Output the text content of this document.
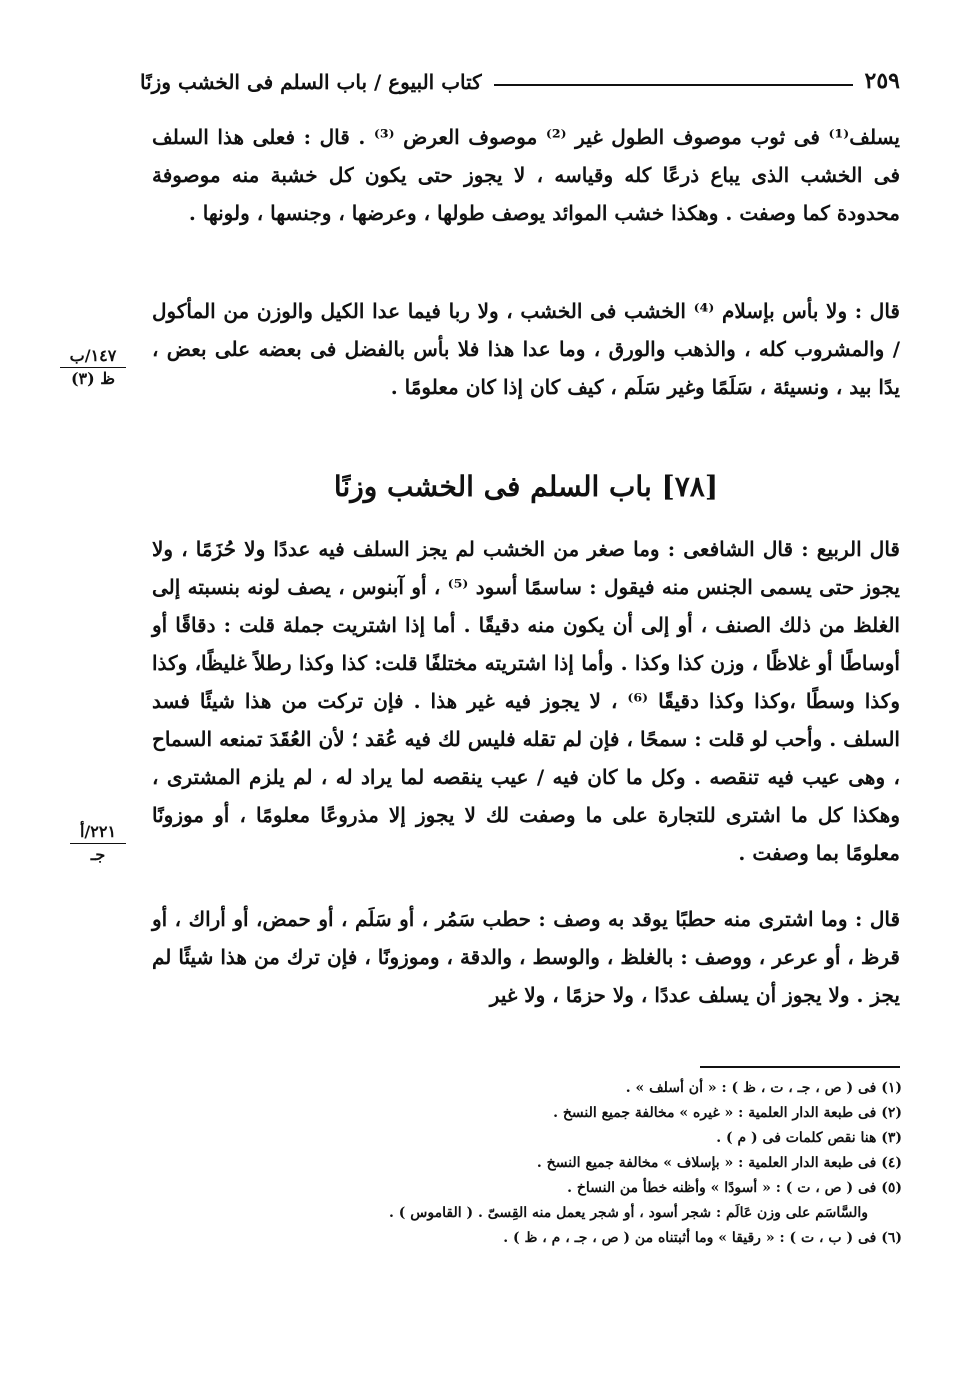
كتاب البيوع / باب السلم فى الخشب وزنًا	٢٥٩
يسلف⁽¹⁾ فى ثوب موصوف الطول غير ⁽²⁾ موصوف العرض ⁽³⁾ . قال : فعلى هذا السلف فى الخشب الذى يباع ذرعًا كله وقياسه ، لا يجوز حتى يكون كل خشبة منه موصوفة محدودة كما وصفت . وهكذا خشب الموائد يوصف طولها ، وعرضها ، وجنسها ، ولونها .
قال : ولا بأس بإسلام ⁽⁴⁾ الخشب فى الخشب ، ولا ربا فيما عدا الكيل والوزن من المأكول / والمشروب كله ، والذهب والورق ، وما عدا هذا فلا بأس بالفضل فى بعضه على بعض ، يدًا بيد ، ونسيئة ، سَلَمًا وغير سَلَم ، كيف كان إذا كان معلومًا .
١٤٧/ب
ظ (٣)
[٧٨] باب السلم فى الخشب وزنًا
قال الربيع : قال الشافعى : وما صغر من الخشب لم يجز السلف فيه عددًا ولا حُزَمًا ، ولا يجوز حتى يسمى الجنس منه فيقول : ساسمًا أسود ⁽⁵⁾ ، أو آبنوس ، يصف لونه بنسبته إلى الغلظ من ذلك الصنف ، أو إلى أن يكون منه دقيقًا . أما إذا اشتريت جملة قلت : دقاقًا أو أوساطًا أو غلاظًا ، وزن كذا وكذا . وأما إذا اشتريته مختلفًا قلت: كذا وكذا رطلاً غليظًا، وكذا وكذا وسطًا ،وكذا وكذا دقيقًا ⁽⁶⁾ ، لا يجوز فيه غير هذا . فإن تركت من هذا شيئًا فسد السلف . وأحب لو قلت : سمحًا ، فإن لم تقله فليس لك فيه عُقد ؛ لأن العُقَدَ تمنعه السماح ، وهى عيب فيه تنقصه . وكل ما كان فيه / عيب ينقصه لما يراد له ، لم يلزم المشترى ، وهكذا كل ما اشترى للتجارة على ما وصفت لك لا يجوز إلا مذروعًا معلومًا ، أو موزونًا معلومًا بما وصفت .
٢٢١/أ
جـ
قال : وما اشترى منه حطبًا يوقد به وصف : حطب سَمُر ، أو سَلَم ، أو حمض، أو أراك ، أو قرظ ، أو عرعر ، ووصف : بالغلظ ، والوسط ، والدقة ، وموزونًا ، فإن ترك من هذا شيئًا لم يجز . ولا يجوز أن يسلف عددًا ، ولا حزمًا ، ولا غير
(١) فى ( ص ، جـ ، ت ، ظ ) : « أن أسلف » .
(٢) فى طبعة الدار العلمية : « غيره » مخالفة جميع النسخ .
(٣) هنا نقص كلمات فى ( م ) .
(٤) فى طبعة الدار العلمية : « بإسلاف » مخالفة جميع النسخ .
(٥) فى ( ص ، ت ) : « أسودًا » وأظنه خطأ من النساخ .
والسَّاسَم على وزن عَالَم : شجر أسود ، أو شجر يعمل منه القِسىّ . ( القاموس ) .
(٦) فى ( ب ، ت ) : « رقيقا » وما أثبتناه من ( ص ، جـ ، م ، ظ ) .
